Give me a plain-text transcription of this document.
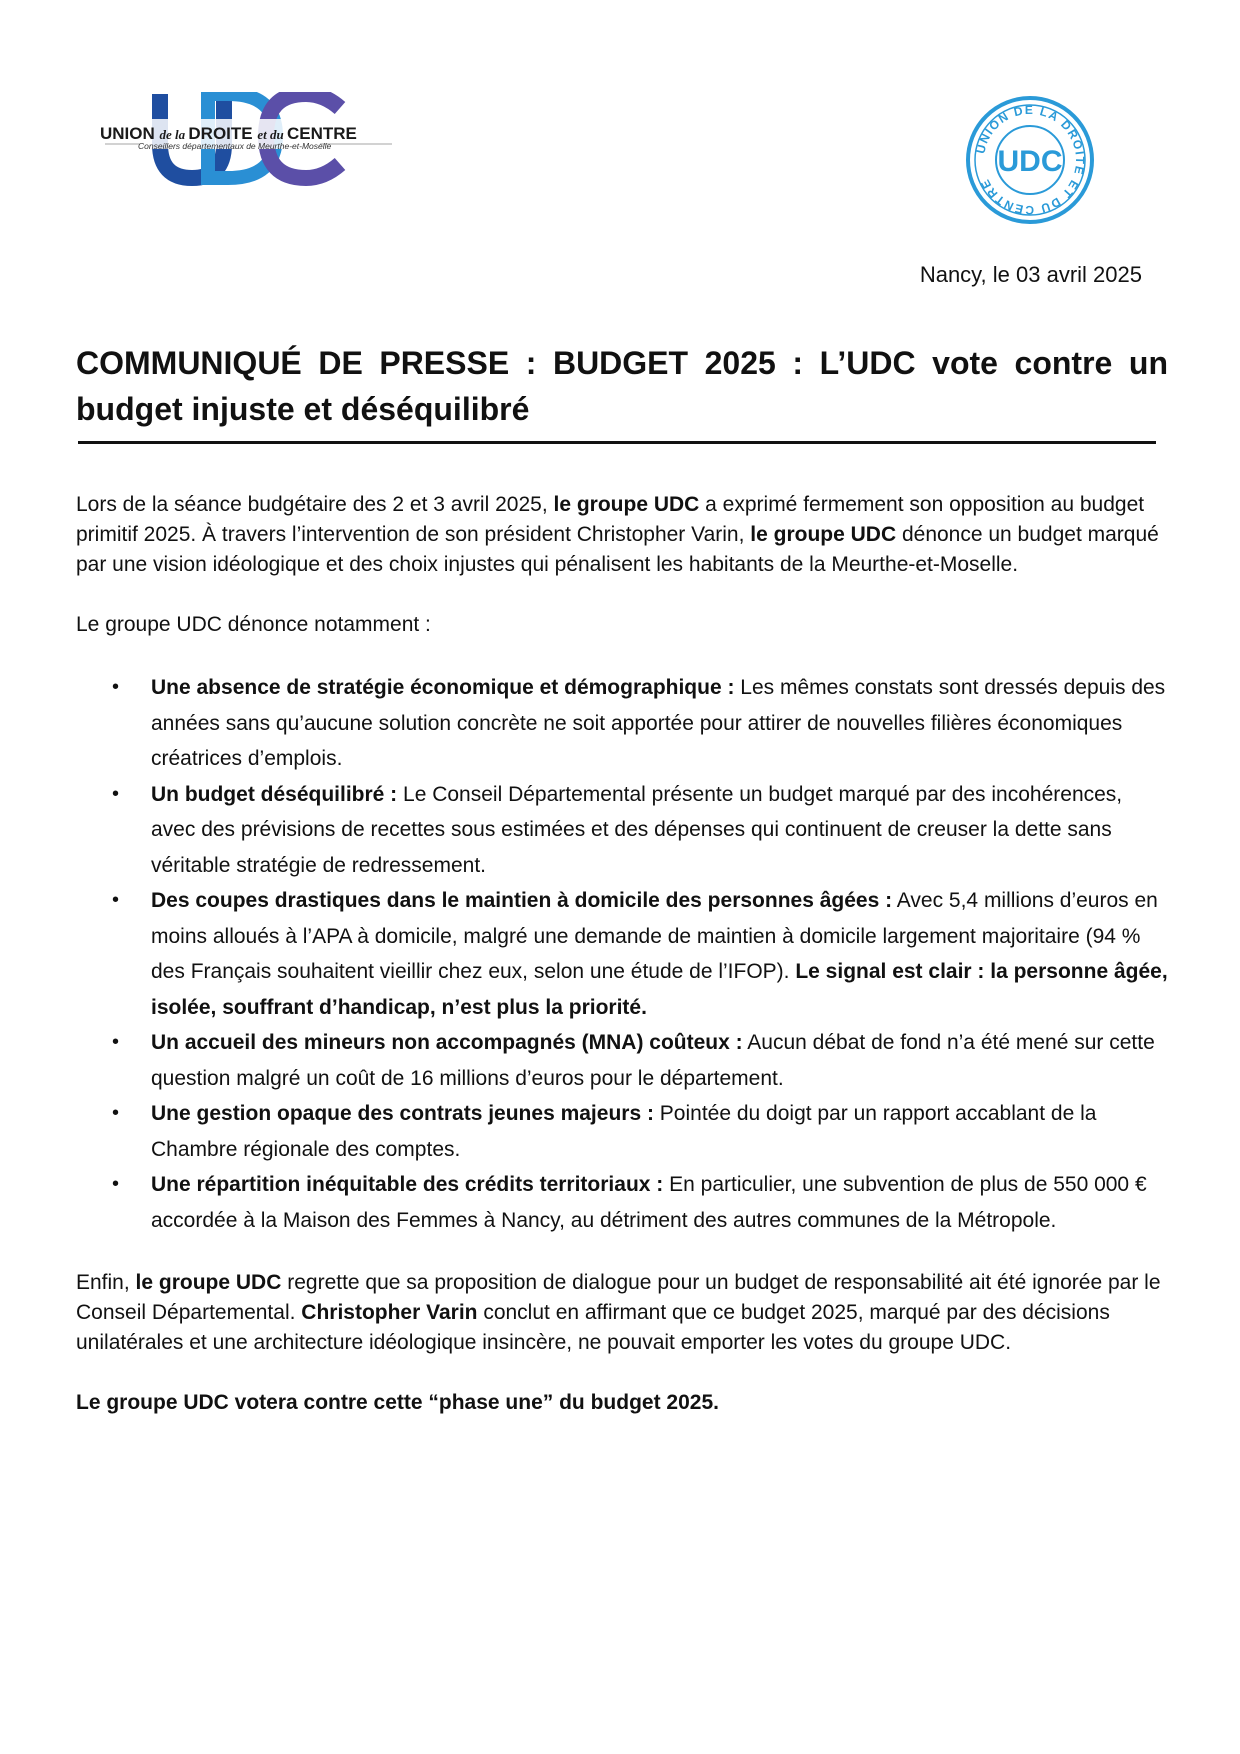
UNION de la DROITE et du CENTRE
Conseillers départementaux de Meurthe-et-Moselle	UNION DE LA DROITE ET DU CENTRE
UDC
Nancy, le 03 avril 2025
COMMUNIQUÉ DE PRESSE : BUDGET 2025 : L’UDC vote contre un
budget injuste et déséquilibré

Lors de la séance budgétaire des 2 et 3 avril 2025, le groupe UDC a exprimé fermement son opposition au budget primitif 2025. À travers l’intervention de son président Christopher Varin, le groupe UDC dénonce un budget marqué par une vision idéologique et des choix injustes qui pénalisent les habitants de la Meurthe-et-Moselle.

Le groupe UDC dénonce notamment :

• Une absence de stratégie économique et démographique : Les mêmes constats sont dressés depuis des années sans qu’aucune solution concrète ne soit apportée pour attirer de nouvelles filières économiques créatrices d’emplois.
• Un budget déséquilibré : Le Conseil Départemental présente un budget marqué par des incohérences, avec des prévisions de recettes sous estimées et des dépenses qui continuent de creuser la dette sans véritable stratégie de redressement.
• Des coupes drastiques dans le maintien à domicile des personnes âgées : Avec 5,4 millions d’euros en moins alloués à l’APA à domicile, malgré une demande de maintien à domicile largement majoritaire (94 % des Français souhaitent vieillir chez eux, selon une étude de l’IFOP). Le signal est clair : la personne âgée, isolée, souffrant d’handicap, n’est plus la priorité.
• Un accueil des mineurs non accompagnés (MNA) coûteux : Aucun débat de fond n’a été mené sur cette question malgré un coût de 16 millions d’euros pour le département.
• Une gestion opaque des contrats jeunes majeurs : Pointée du doigt par un rapport accablant de la Chambre régionale des comptes.
• Une répartition inéquitable des crédits territoriaux : En particulier, une subvention de plus de 550 000 € accordée à la Maison des Femmes à Nancy, au détriment des autres communes de la Métropole.

Enfin, le groupe UDC regrette que sa proposition de dialogue pour un budget de responsabilité ait été ignorée par le Conseil Départemental. Christopher Varin conclut en affirmant que ce budget 2025, marqué par des décisions unilatérales et une architecture idéologique insincère, ne pouvait emporter les votes du groupe UDC.

Le groupe UDC votera contre cette “phase une” du budget 2025.
